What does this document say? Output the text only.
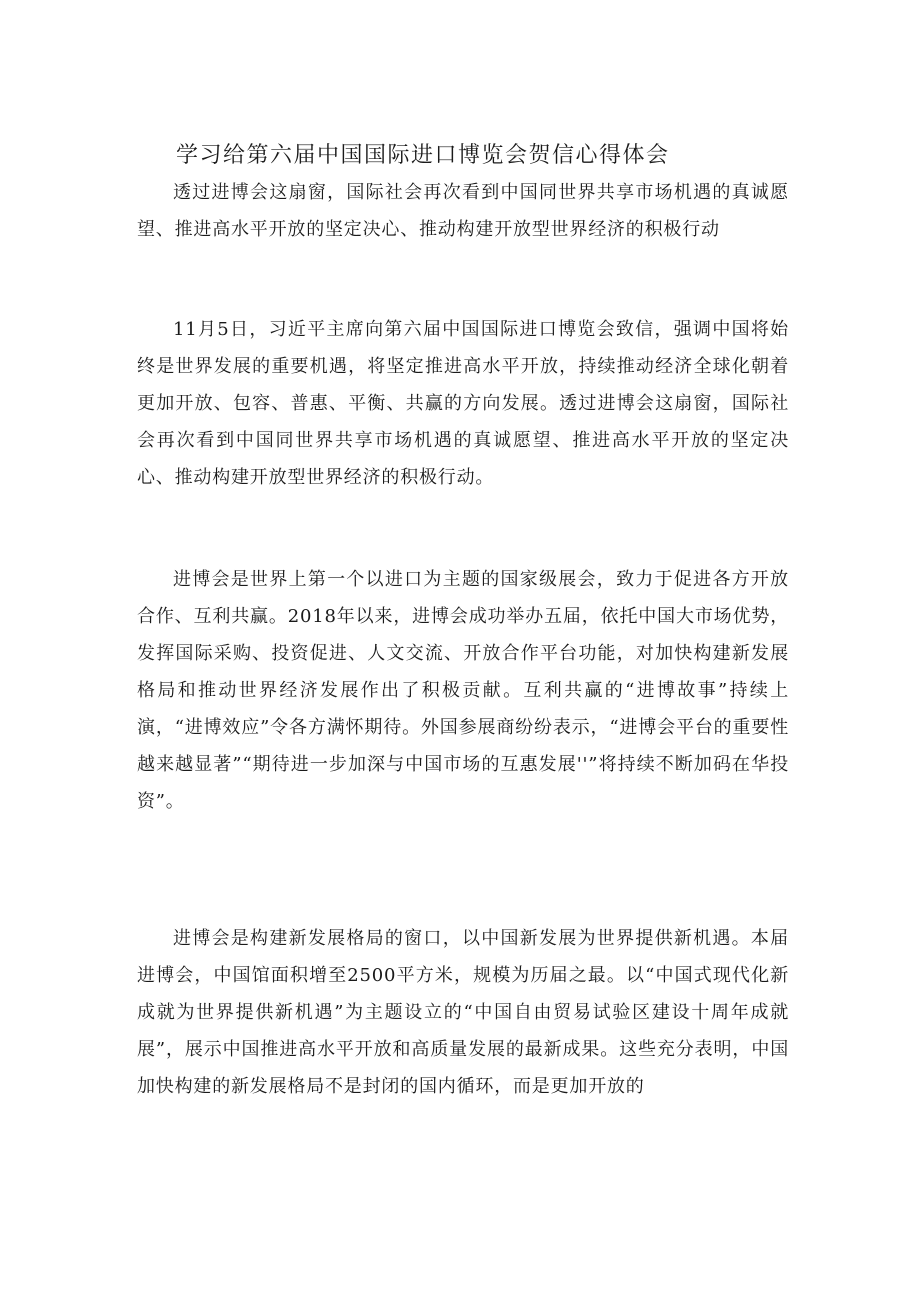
学习给第六届中国国际进口博览会贺信心得体会

透过进博会这扇窗，国际社会再次看到中国同世界共享市场机遇的真诚愿望、推进高水平开放的坚定决心、推动构建开放型世界经济的积极行动

11月5日，习近平主席向第六届中国国际进口博览会致信，强调中国将始终是世界发展的重要机遇，将坚定推进高水平开放，持续推动经济全球化朝着更加开放、包容、普惠、平衡、共赢的方向发展。透过进博会这扇窗，国际社会再次看到中国同世界共享市场机遇的真诚愿望、推进高水平开放的坚定决心、推动构建开放型世界经济的积极行动。

进博会是世界上第一个以进口为主题的国家级展会，致力于促进各方开放合作、互利共赢。2018年以来，进博会成功举办五届，依托中国大市场优势，发挥国际采购、投资促进、人文交流、开放合作平台功能，对加快构建新发展格局和推动世界经济发展作出了积极贡献。互利共赢的“进博故事”持续上演，“进博效应”令各方满怀期待。外国参展商纷纷表示，“进博会平台的重要性越来越显著”“期待进一步加深与中国市场的互惠发展''”将持续不断加码在华投资”。

进博会是构建新发展格局的窗口，以中国新发展为世界提供新机遇。本届进博会，中国馆面积增至2500平方米，规模为历届之最。以“中国式现代化新成就为世界提供新机遇”为主题设立的“中国自由贸易试验区建设十周年成就展”，展示中国推进高水平开放和高质量发展的最新成果。这些充分表明，中国加快构建的新发展格局不是封闭的国内循环，而是更加开放的
